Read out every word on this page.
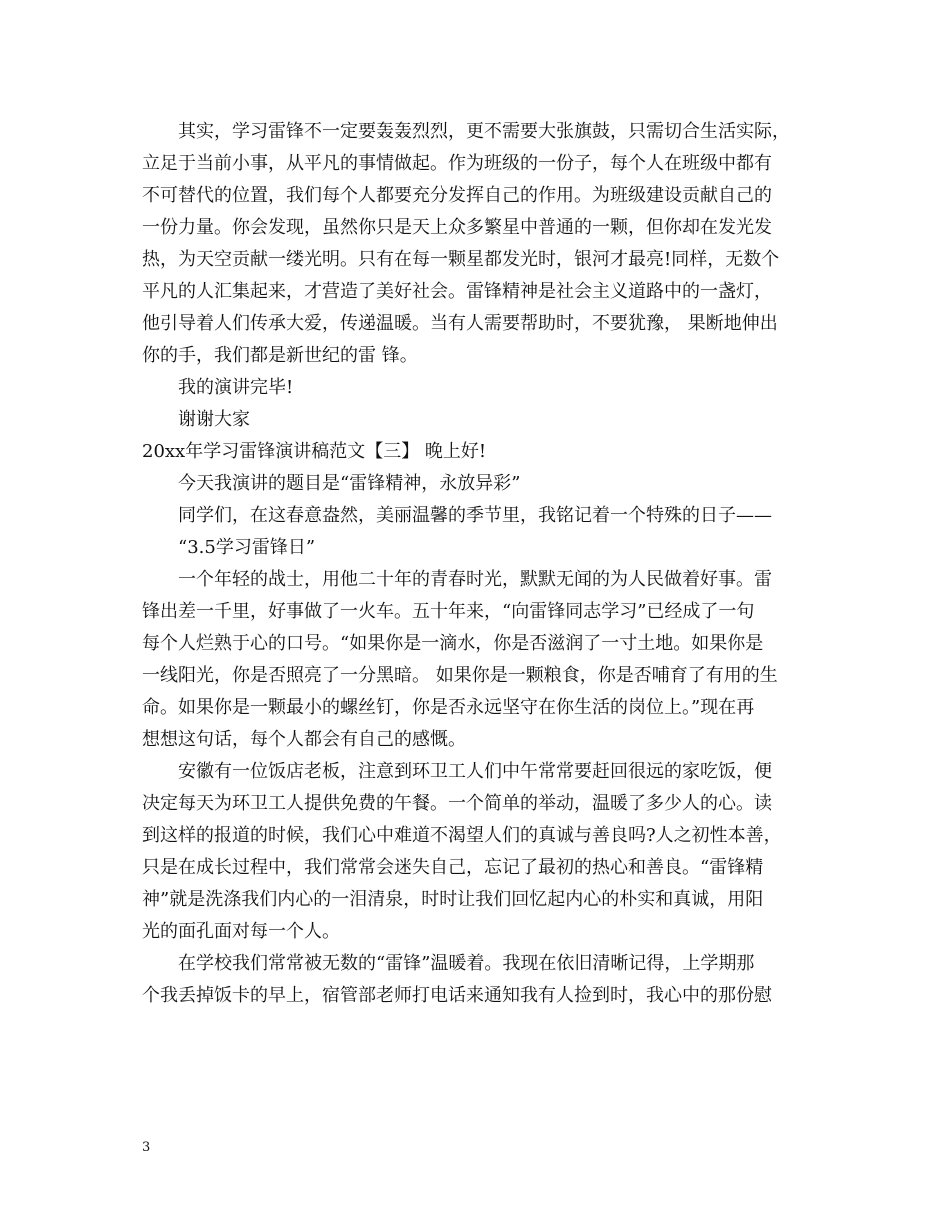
其实，学习雷锋不一定要轰轰烈烈，更不需要大张旗鼓，只需切合生活实际，
立足于当前小事，从平凡的事情做起。作为班级的一份子，每个人在班级中都有
不可替代的位置，我们每个人都要充分发挥自己的作用。为班级建设贡献自己的
一份力量。你会发现，虽然你只是天上众多繁星中普通的一颗，但你却在发光发
热，为天空贡献一缕光明。只有在每一颗星都发光时，银河才最亮!同样，无数个
平凡的人汇集起来，才营造了美好社会。雷锋精神是社会主义道路中的一盏灯，
他引导着人们传承大爱，传递温暖。当有人需要帮助时，不要犹豫， 果断地伸出
你的手，我们都是新世纪的雷 锋。
我的演讲完毕!
谢谢大家
20xx年学习雷锋演讲稿范文【三】 晚上好!
今天我演讲的题目是“雷锋精神，永放异彩”
同学们，在这春意盎然，美丽温馨的季节里，我铭记着一个特殊的日子——
“3.5学习雷锋日”
一个年轻的战士，用他二十年的青春时光，默默无闻的为人民做着好事。雷
锋出差一千里，好事做了一火车。五十年来，“向雷锋同志学习”已经成了一句
每个人烂熟于心的口号。“如果你是一滴水，你是否滋润了一寸土地。如果你是
一线阳光，你是否照亮了一分黑暗。 如果你是一颗粮食，你是否哺育了有用的生
命。如果你是一颗最小的螺丝钉，你是否永远坚守在你生活的岗位上。”现在再
想想这句话，每个人都会有自己的感慨。
安徽有一位饭店老板，注意到环卫工人们中午常常要赶回很远的家吃饭，便
决定每天为环卫工人提供免费的午餐。一个简单的举动，温暖了多少人的心。读
到这样的报道的时候，我们心中难道不渴望人们的真诚与善良吗?人之初性本善，
只是在成长过程中，我们常常会迷失自己，忘记了最初的热心和善良。“雷锋精
神”就是洗涤我们内心的一泪清泉，时时让我们回忆起内心的朴实和真诚，用阳
光的面孔面对每一个人。
在学校我们常常被无数的“雷锋”温暖着。我现在依旧清晰记得，上学期那
个我丢掉饭卡的早上，宿管部老师打电话来通知我有人捡到时，我心中的那份慰
3
